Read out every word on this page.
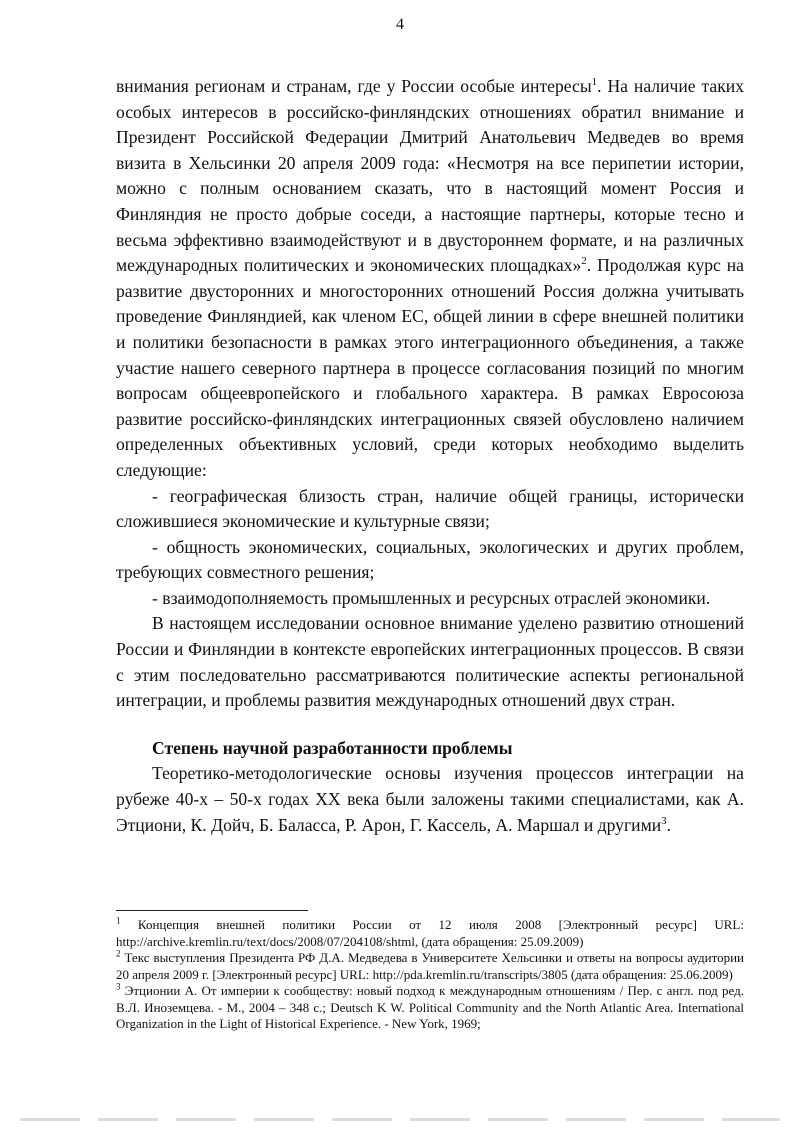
4

внимания регионам и странам, где у России особые интересы$^1$. На наличие таких особых интересов в российско-финляндских отношениях обратил внимание и Президент Российской Федерации Дмитрий Анатольевич Медведев во время визита в Хельсинки 20 апреля 2009 года: «Несмотря на все перипетии истории, можно с полным основанием сказать, что в настоящий момент Россия и Финляндия не просто добрые соседи, а настоящие партнеры, которые тесно и весьма эффективно взаимодействуют и в двустороннем формате, и на различных международных политических и экономических площадках»$^2$. Продолжая курс на развитие двусторонних и многосторонних отношений Россия должна учитывать проведение Финляндией, как членом ЕС, общей линии в сфере внешней политики и политики безопасности в рамках этого интеграционного объединения, а также участие нашего северного партнера в процессе согласования позиций по многим вопросам общеевропейского и глобального характера. В рамках Евросоюза развитие российско-финляндских интеграционных связей обусловлено наличием определенных объективных условий, среди которых необходимо выделить следующие:

- географическая близость стран, наличие общей границы, исторически сложившиеся экономические и культурные связи;

- общность экономических, социальных, экологических и других проблем, требующих совместного решения;

- взаимодополняемость промышленных и ресурсных отраслей экономики.

В настоящем исследовании основное внимание уделено развитию отношений России и Финляндии в контексте европейских интеграционных процессов. В связи с этим последовательно рассматриваются политические аспекты региональной интеграции, и проблемы развития международных отношений двух стран.

Степень научной разработанности проблемы

Теоретико-методологические основы изучения процессов интеграции на рубеже 40-х – 50-х годах XX века были заложены такими специалистами, как А. Этциони, К. Дойч, Б. Баласса, Р. Арон, Г. Кассель, А. Маршал и другими$^3$.

$^1$ Концепция внешней политики России от 12 июля 2008 [Электронный ресурс] URL: http://archive.kremlin.ru/text/docs/2008/07/204108/shtml, (дата обращения: 25.09.2009)

$^2$ Текс выступления Президента РФ Д.А. Медведева в Университете Хельсинки и ответы на вопросы аудитории 20 апреля 2009 г. [Электронный ресурс] URL: http://pda.kremlin.ru/transcripts/3805 (дата обращения: 25.06.2009)

$^3$ Этционии А. От империи к сообществу: новый подход к международным отношениям / Пер. с англ. под ред. В.Л. Иноземцева. - М., 2004 – 348 с.; Deutsch K W. Political Community and the North Atlantic Area. International Organization in the Light of Historical Experience. - New York, 1969;
